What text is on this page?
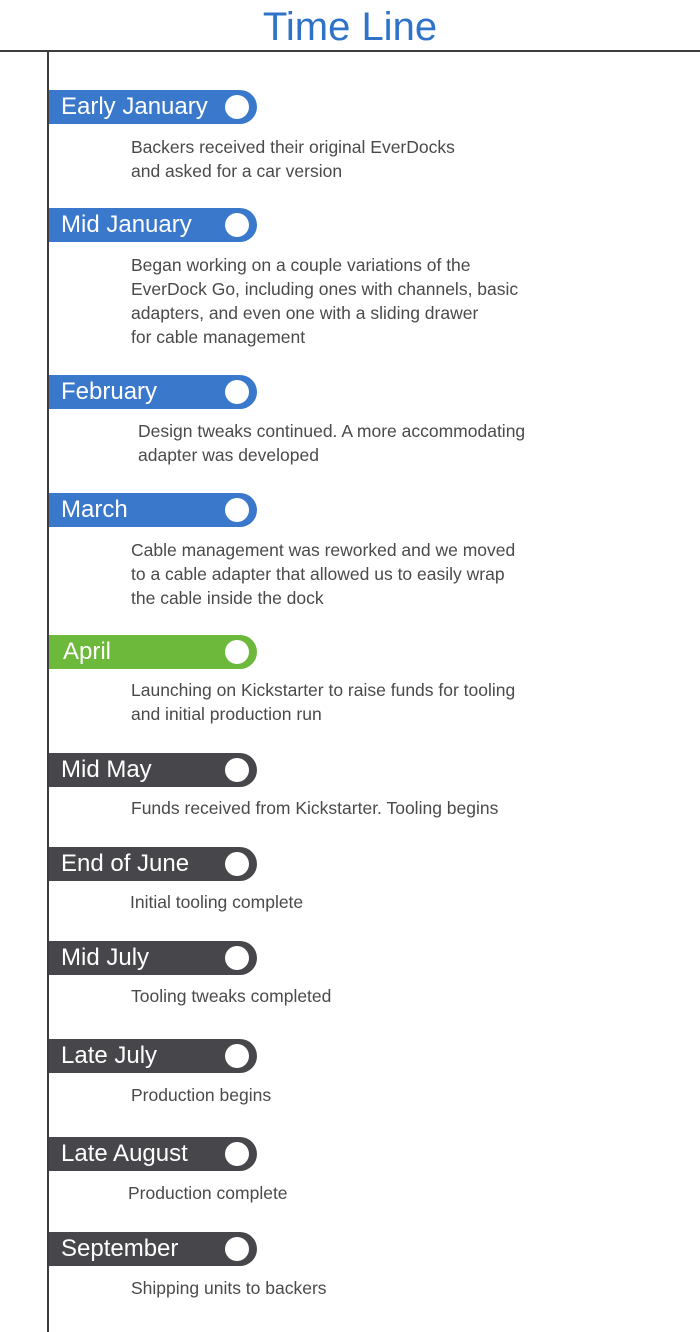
Time Line
Early January
Backers received their original EverDocks
and asked for a car version
Mid January
Began working on a couple variations of the
EverDock Go, including ones with channels, basic
adapters, and even one with a sliding drawer
for cable management
February
Design tweaks continued. A more accommodating
adapter was developed
March
Cable management was reworked and we moved
to a cable adapter that allowed us to easily wrap
the cable inside the dock
April
Launching on Kickstarter to raise funds for tooling
and initial production run
Mid May
Funds received from Kickstarter. Tooling begins
End of June
Initial tooling complete
Mid July
Tooling tweaks completed
Late July
Production begins
Late August
Production complete
September
Shipping units to backers
